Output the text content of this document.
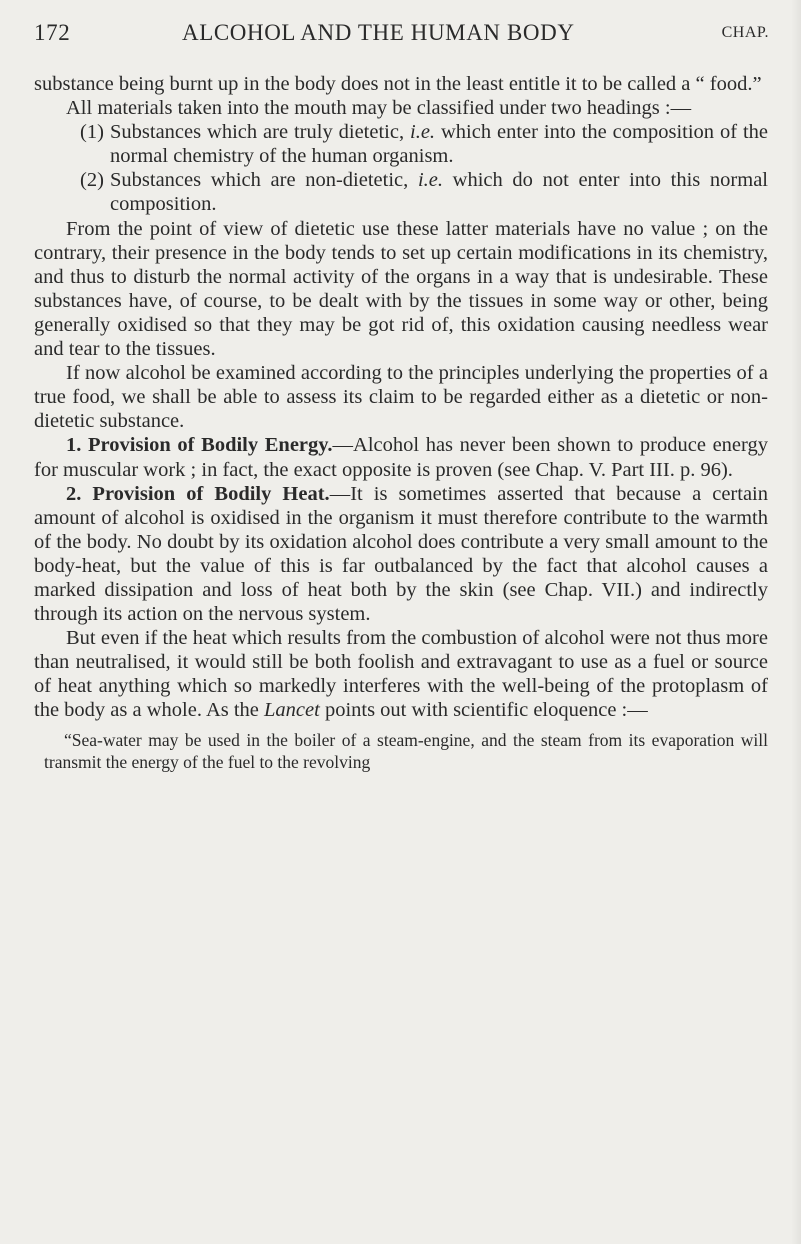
172	ALCOHOL AND THE HUMAN BODY	CHAP.

substance being burnt up in the body does not in the least entitle it to be called a “ food.”

All materials taken into the mouth may be classified under two headings :—

(1) Substances which are truly dietetic, i.e. which enter into the composition of the normal chemistry of the human organism.

(2) Substances which are non-dietetic, i.e. which do not enter into this normal composition.

From the point of view of dietetic use these latter materials have no value ; on the contrary, their presence in the body tends to set up certain modifications in its chemistry, and thus to disturb the normal activity of the organs in a way that is undesirable. These substances have, of course, to be dealt with by the tissues in some way or other, being generally oxidised so that they may be got rid of, this oxidation causing needless wear and tear to the tissues.

If now alcohol be examined according to the principles underlying the properties of a true food, we shall be able to assess its claim to be regarded either as a dietetic or non-dietetic substance.

1. Provision of Bodily Energy.—Alcohol has never been shown to produce energy for muscular work ; in fact, the exact opposite is proven (see Chap. V. Part III. p. 96).

2. Provision of Bodily Heat.—It is sometimes asserted that because a certain amount of alcohol is oxidised in the organism it must therefore contribute to the warmth of the body. No doubt by its oxidation alcohol does contribute a very small amount to the body-heat, but the value of this is far outbalanced by the fact that alcohol causes a marked dissipation and loss of heat both by the skin (see Chap. VII.) and indirectly through its action on the nervous system.

But even if the heat which results from the combustion of alcohol were not thus more than neutralised, it would still be both foolish and extravagant to use as a fuel or source of heat anything which so markedly interferes with the well-being of the protoplasm of the body as a whole. As the Lancet points out with scientific eloquence :—

“Sea-water may be used in the boiler of a steam-engine, and the steam from its evaporation will transmit the energy of the fuel to the revolving
